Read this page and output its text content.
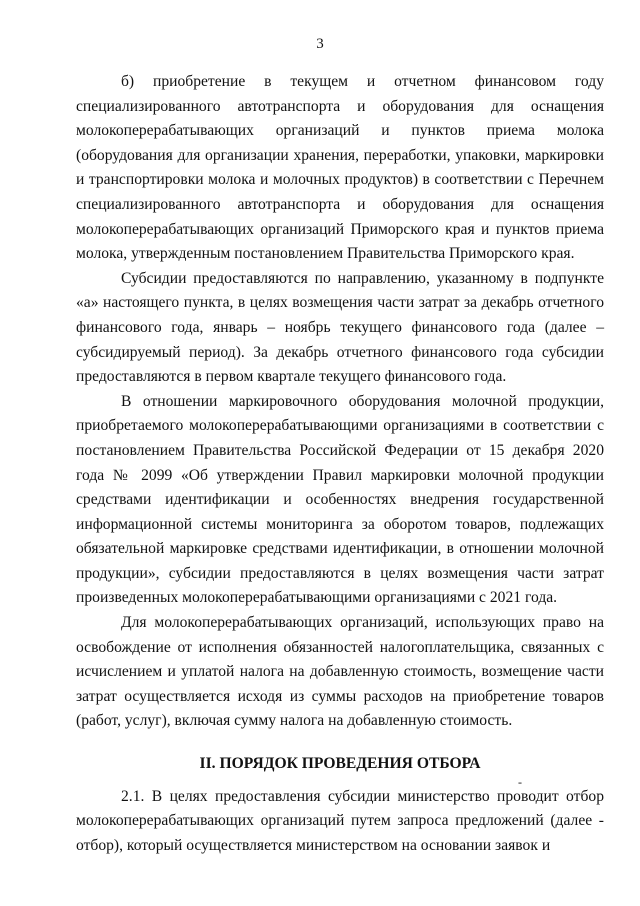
3

б) приобретение в текущем и отчетном финансовом году специализированного автотранспорта и оборудования для оснащения молокоперерабатывающих организаций и пунктов приема молока (оборудования для организации хранения, переработки, упаковки, маркировки и транспортировки молока и молочных продуктов) в соответствии с Перечнем специализированного автотранспорта и оборудования для оснащения молокоперерабатывающих организаций Приморского края и пунктов приема молока, утвержденным постановлением Правительства Приморского края.

Субсидии предоставляются по направлению, указанному в подпункте «а» настоящего пункта, в целях возмещения части затрат за декабрь отчетного финансового года, январь – ноябрь текущего финансового года (далее – субсидируемый период). За декабрь отчетного финансового года субсидии предоставляются в первом квартале текущего финансового года.

В отношении маркировочного оборудования молочной продукции, приобретаемого молокоперерабатывающими организациями в соответствии с постановлением Правительства Российской Федерации от 15 декабря 2020 года № 2099 «Об утверждении Правил маркировки молочной продукции средствами идентификации и особенностях внедрения государственной информационной системы мониторинга за оборотом товаров, подлежащих обязательной маркировке средствами идентификации, в отношении молочной продукции», субсидии предоставляются в целях возмещения части затрат произведенных молокоперерабатывающими организациями с 2021 года.

Для молокоперерабатывающих организаций, использующих право на освобождение от исполнения обязанностей налогоплательщика, связанных с исчислением и уплатой налога на добавленную стоимость, возмещение части затрат осуществляется исходя из суммы расходов на приобретение товаров (работ, услуг), включая сумму налога на добавленную стоимость.

II. ПОРЯДОК ПРОВЕДЕНИЯ ОТБОРА
-

2.1. В целях предоставления субсидии министерство проводит отбор молокоперерабатывающих организаций путем запроса предложений (далее - отбор), который осуществляется министерством на основании заявок и
